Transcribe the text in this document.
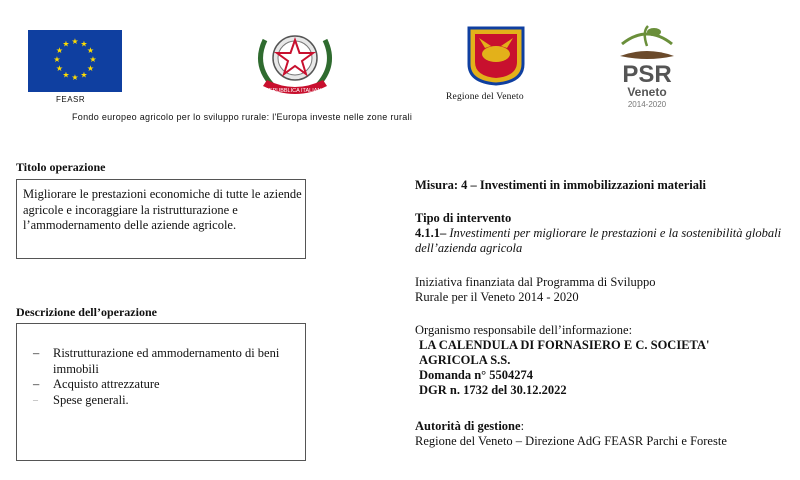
★ ★
★
★
★
★
★
★
★
★
★
★
FEASR
REPUBBLICA ITALIANA
Regione del Veneto
PSR
Veneto
2014-2020
Fondo europeo agricolo per lo sviluppo rurale: l'Europa investe nelle zone rurali
Titolo operazione
Migliorare le prestazioni economiche di tutte le aziende agricole e incoraggiare la ristrutturazione e l’ammodernamento delle aziende agricole.
Descrizione dell’operazione
– Ristrutturazione ed ammodernamento di beni immobili
– Acquisto attrezzature
– Spese generali.
Misura: 4 – Investimenti in immobilizzazioni materiali
Tipo di intervento
4.1.1– Investimenti per migliorare le prestazioni e la sostenibilità globali dell’azienda agricola
Iniziativa finanziata dal Programma di Sviluppo Rurale per il Veneto 2014 - 2020
Organismo responsabile dell’informazione:
LA CALENDULA DI FORNASIERO E C. SOCIETA' AGRICOLA S.S.
Domanda n° 5504274
DGR n. 1732 del 30.12.2022
Autorità di gestione:
Regione del Veneto – Direzione AdG FEASR Parchi e Foreste
